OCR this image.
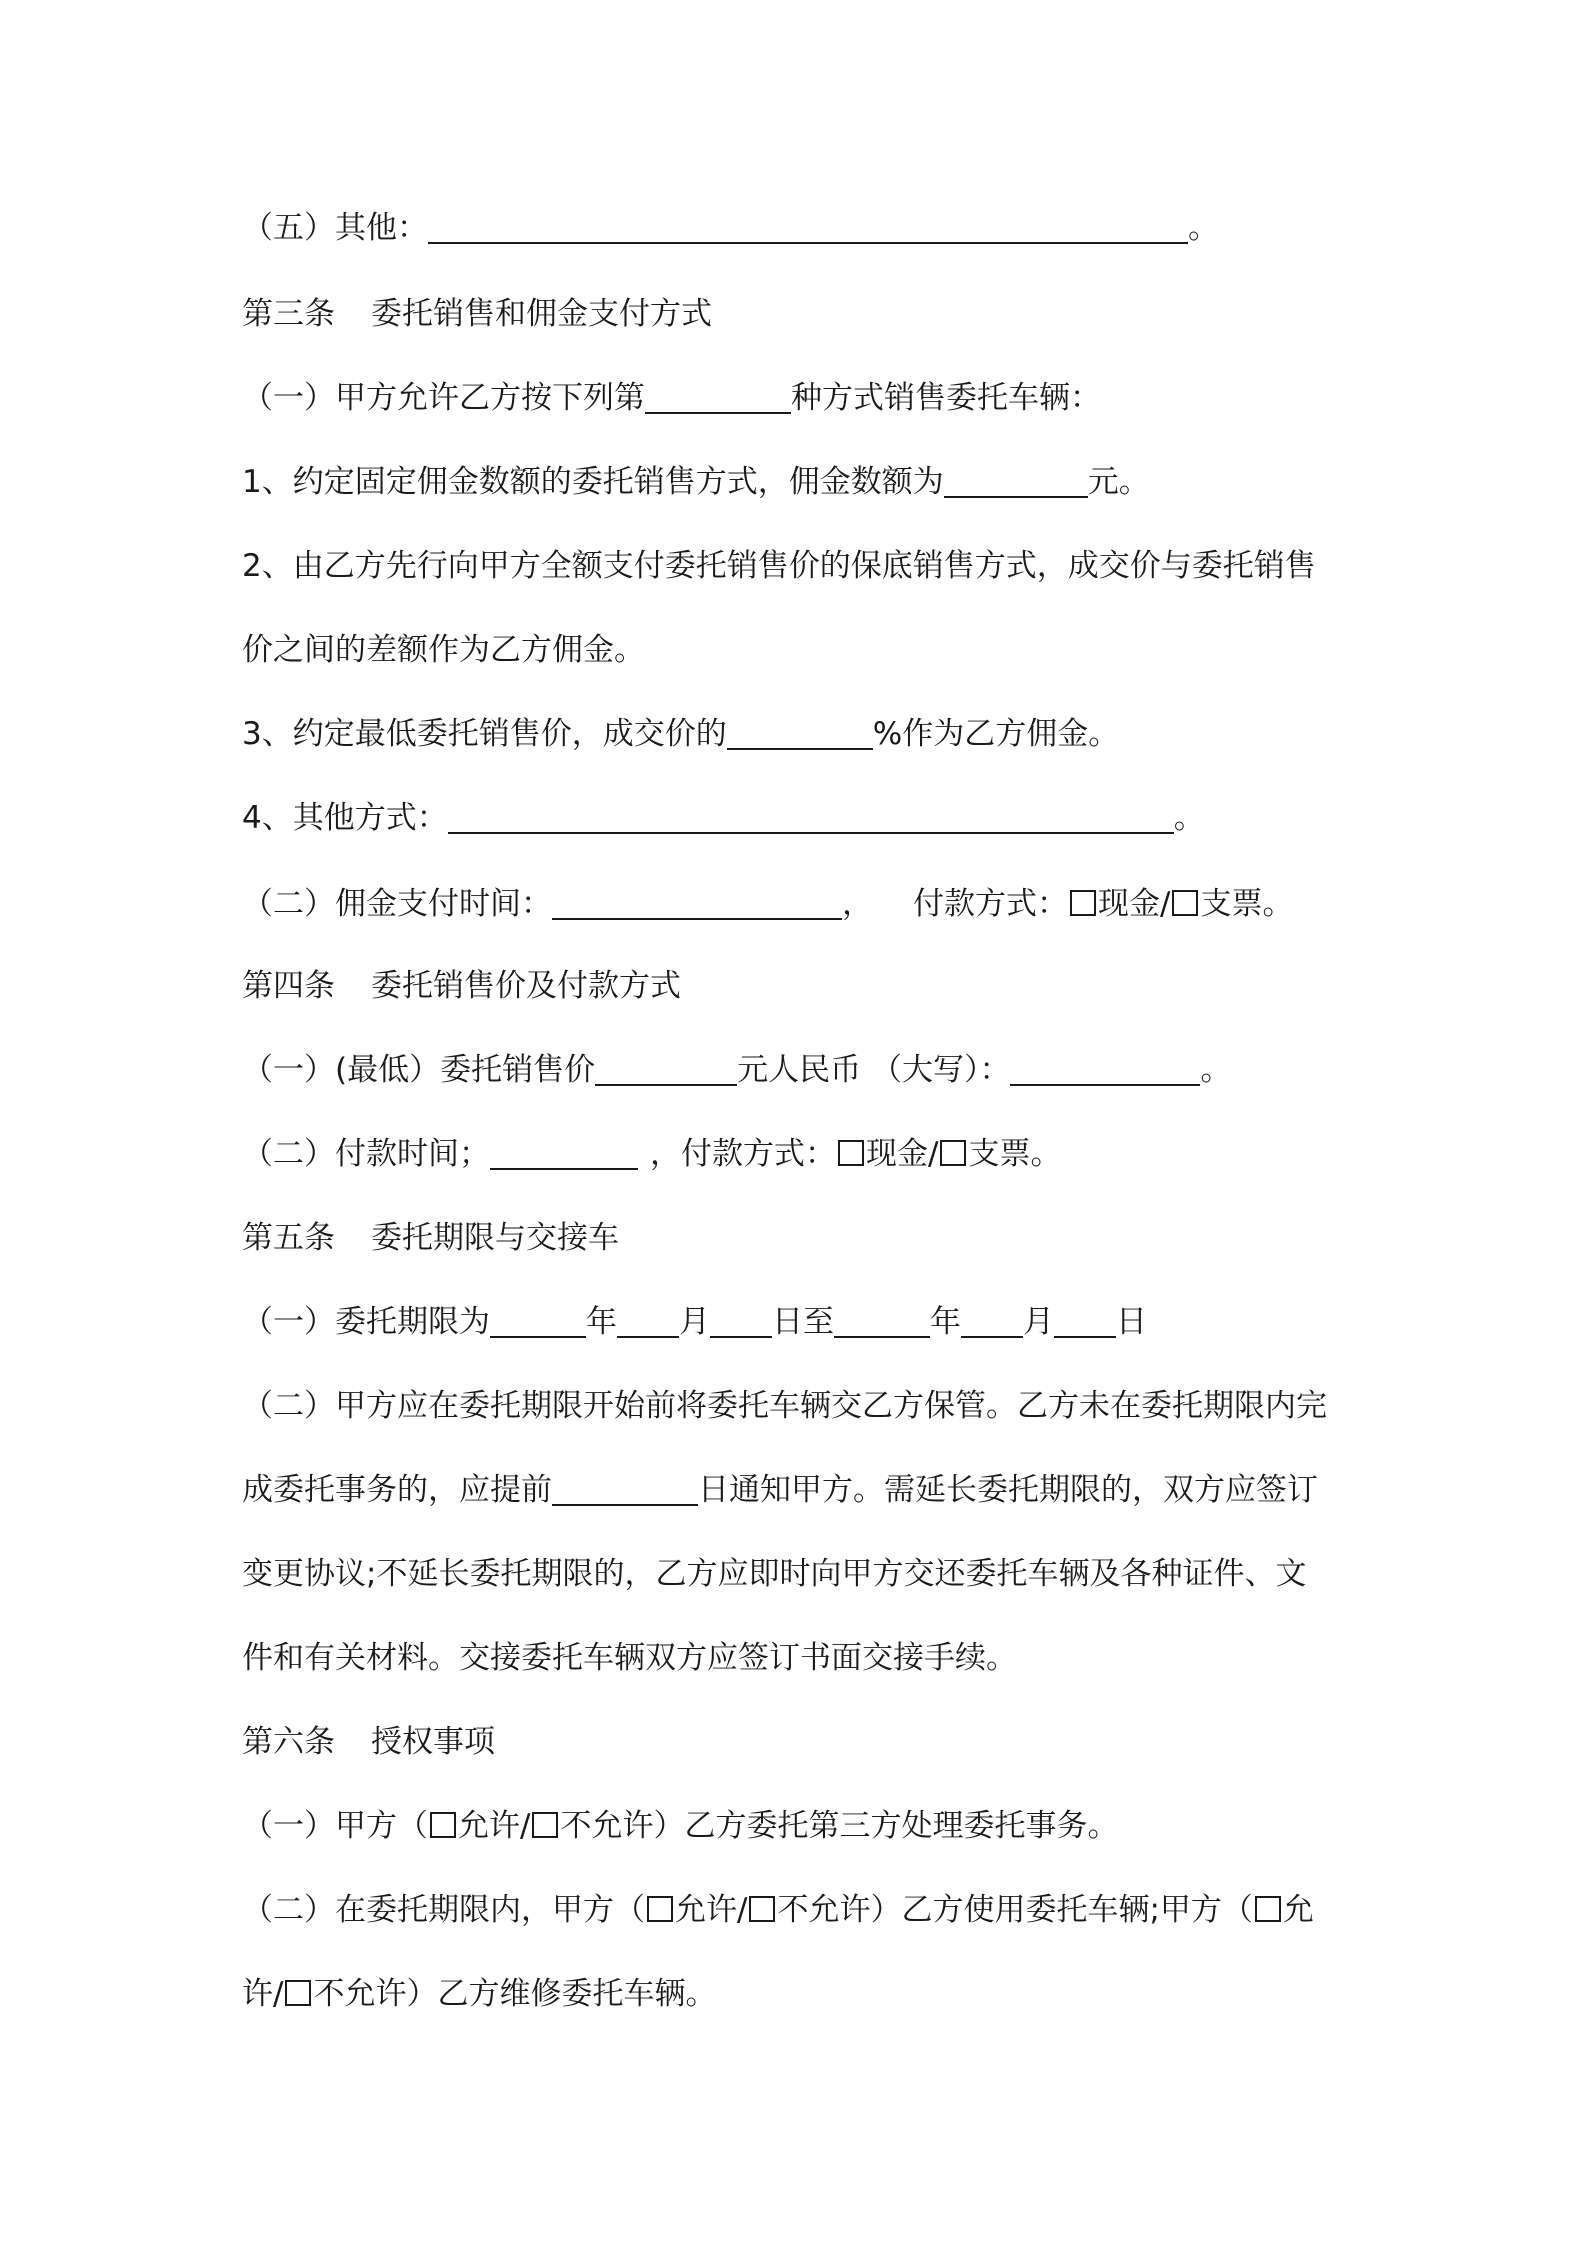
（五）其他：	。
第三条 委托销售和佣金支付方式
（一）甲方允许乙方按下列第	种方式销售委托车辆：
1、约定固定佣金数额的委托销售方式，佣金数额为	元。
2、由乙方先行向甲方全额支付委托销售价的保底销售方式，成交价与委托销售
价之间的差额作为乙方佣金。
3、约定最低委托销售价，成交价的	%作为乙方佣金。
4、其他方式：	。
（二）佣金支付时间：	， 付款方式： 现金/ 支票。
第四条 委托销售价及付款方式
（一）(最低）委托销售价	元人民币 （大写）：	。
（二）付款时间；	，付款方式： 现金/ 支票。
第五条 委托期限与交接车
（一）委托期限为	年 月 日至	年 月 日
（二）甲方应在委托期限开始前将委托车辆交乙方保管。乙方未在委托期限内完
成委托事务的，应提前	日通知甲方。需延长委托期限的，双方应签订
变更协议;不延长委托期限的，乙方应即时向甲方交还委托车辆及各种证件、文
件和有关材料。交接委托车辆双方应签订书面交接手续。
第六条 授权事项
（一）甲方（ 允许/ 不允许）乙方委托第三方处理委托事务。
（二）在委托期限内，甲方（ 允许/ 不允许）乙方使用委托车辆;甲方（ 允
许/ 不允许）乙方维修委托车辆。
